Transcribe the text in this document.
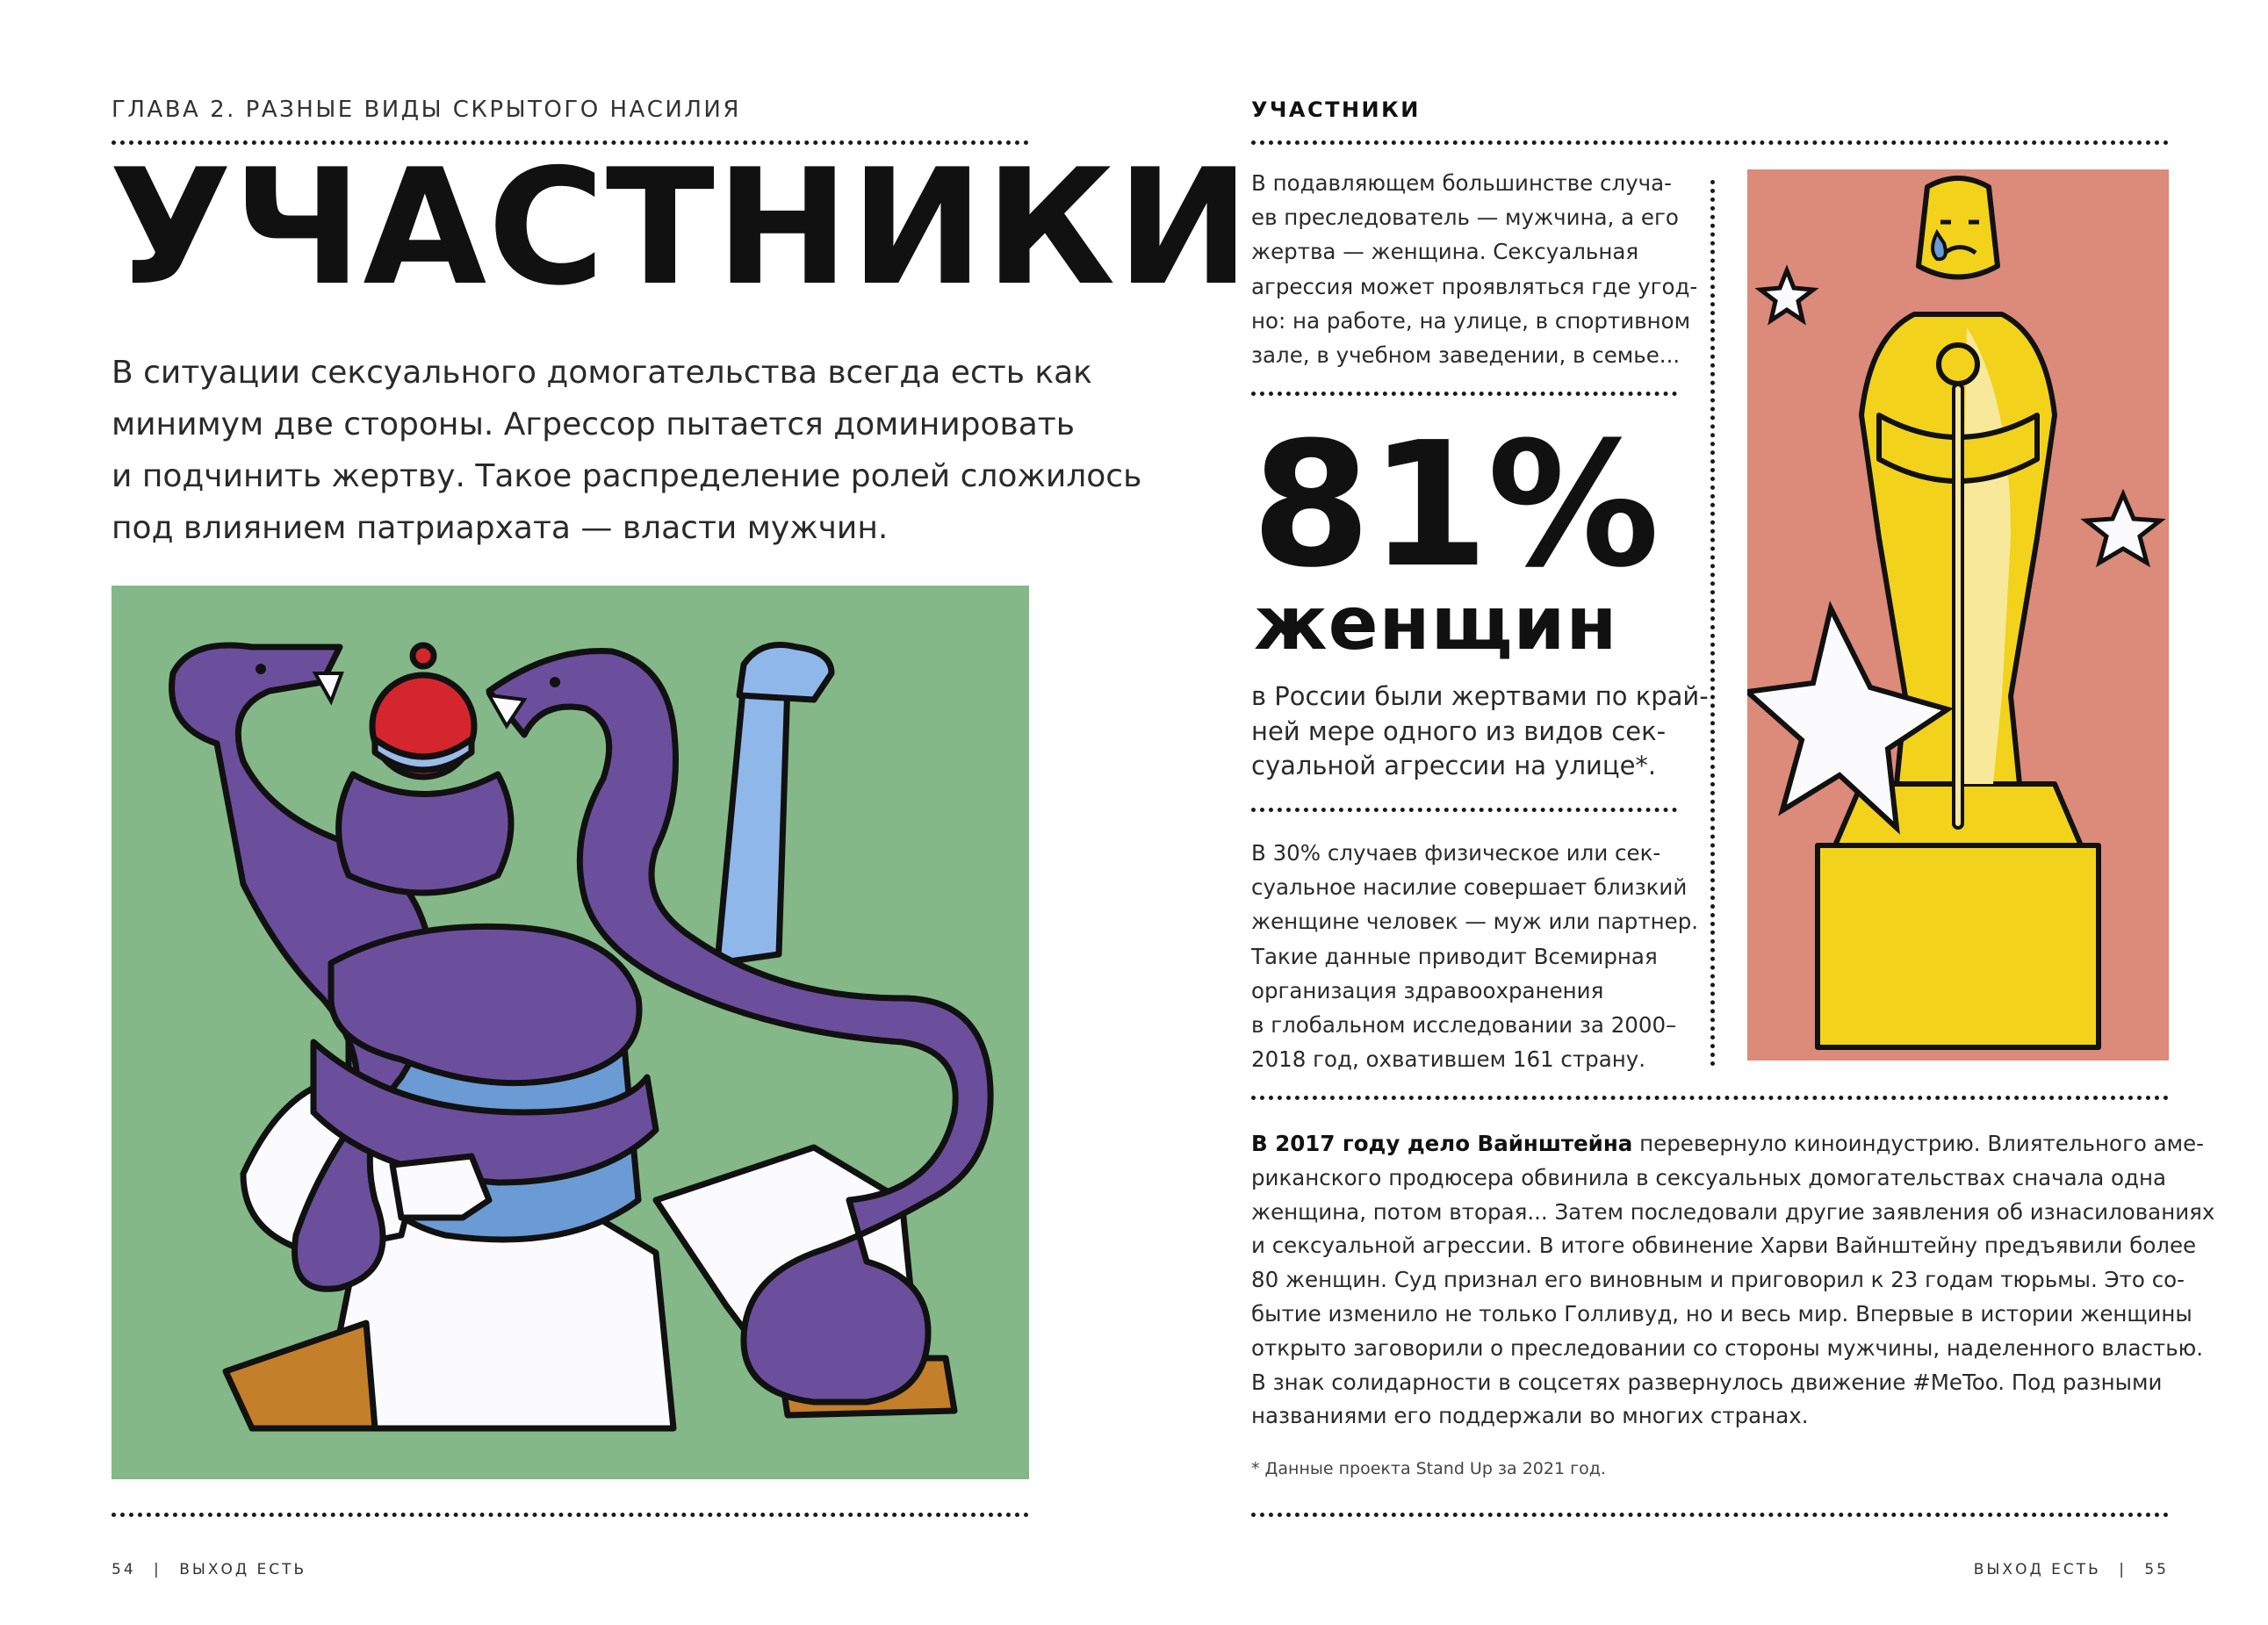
ГЛАВА 2. РАЗНЫЕ ВИДЫ СКРЫТОГО НАСИЛИЯ
УЧАСТНИКИ

В ситуации сексуального домогательства всегда есть как

минимум две стороны. Агрессор пытается доминировать

и подчинить жертву. Такое распределение ролей сложилось

под влиянием патриархата — власти мужчин.

54 | ВЫХОД ЕСТЬ
УЧАСТНИКИ

В подавляющем большинстве случа-

ев преследователь — мужчина, а его

жертва — женщина. Сексуальная

агрессия может проявляться где угод-

но: на работе, на улице, в спортивном

зале, в учебном заведении, в семье...

81%
женщин

в России были жертвами по край-

ней мере одного из видов сек-

суальной агрессии на улице*.

В 30% случаев физическое или сек-

суальное насилие совершает близкий

женщине человек — муж или партнер.

Такие данные приводит Всемирная

организация здравоохранения

в глобальном исследовании за 2000–

2018 год, охватившем 161 страну.

В 2017 году дело Вайнштейна перевернуло киноиндустрию. Влиятельного аме-

риканского продюсера обвинила в сексуальных домогательствах сначала одна

женщина, потом вторая... Затем последовали другие заявления об изнасилованиях

и сексуальной агрессии. В итоге обвинение Харви Вайнштейну предъявили более

80 женщин. Суд признал его виновным и приговорил к 23 годам тюрьмы. Это со-

бытие изменило не только Голливуд, но и весь мир. Впервые в истории женщины

открыто заговорили о преследовании со стороны мужчины, наделенного властью.

В знак солидарности в соцсетях развернулось движение #MeToo. Под разными

названиями его поддержали во многих странах.

* Данные проекта Stand Up за 2021 год.
ВЫХОД ЕСТЬ | 55
